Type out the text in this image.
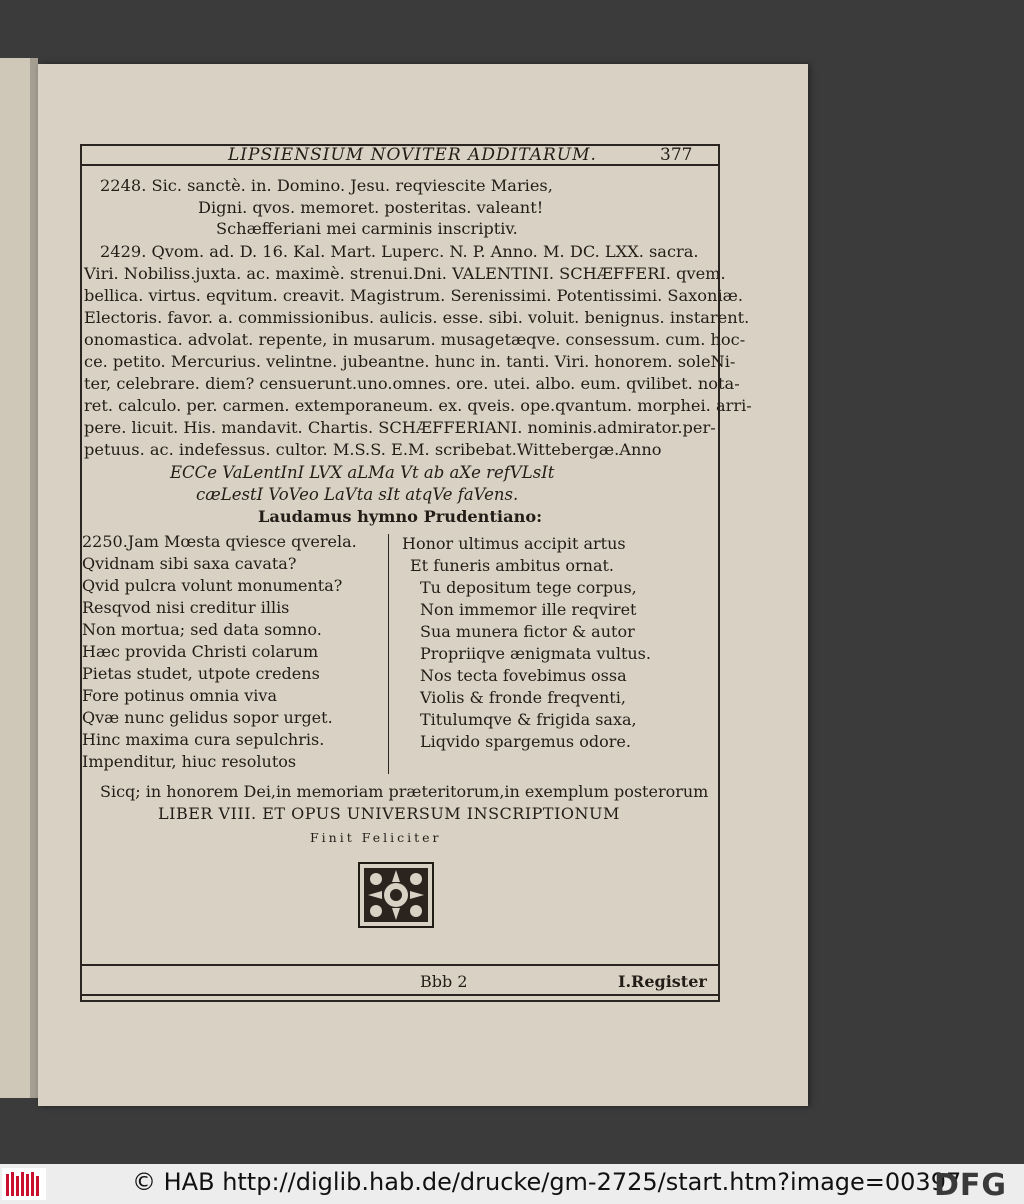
LIPSIENSIUM NOVITER ADDITARUM.	377
2248. Sic. sanctè. in. Domino. Jesu. reqviescite Maries,
Digni. qvos. memoret. posteritas. valeant!
Schæfferiani mei carminis inscriptiv.
2429. Qvom. ad. D. 16. Kal. Mart. Luperc. N. P. Anno. M. DC. LXX. sacra.
Viri. Nobiliss.juxta. ac. maximè. strenui.Dni. VALENTINI. SCHÆFFERI. qvem.
bellica. virtus. eqvitum. creavit. Magistrum. Serenissimi. Potentissimi. Saxoniæ.
Electoris. favor. a. commissionibus. aulicis. esse. sibi. voluit. benignus. instarent.
onomastica. advolat. repente, in musarum. musagetæqve. consessum. cum. hoc-
ce. petito. Mercurius. velintne. jubeantne. hunc in. tanti. Viri. honorem. soleNi-
ter, celebrare. diem? censuerunt.uno.omnes. ore. utei. albo. eum. qvilibet. nota-
ret. calculo. per. carmen. extemporaneum. ex. qveis. ope.qvantum. morphei. arri-
pere. licuit. His. mandavit. Chartis. SCHÆFFERIANI. nominis.admirator.per-
petuus. ac. indefessus. cultor. M.S.S. E.M. scribebat.Wittebergæ.Anno
ECCe VaLentInI LVX aLMa Vt ab aXe refVLsIt
cæLestI VoVeo LaVta sIt atqVe faVens.
Laudamus hymno Prudentiano:
2250.Jam Mœsta qviesce qverela.
Qvidnam sibi saxa cavata?
Qvid pulcra volunt monumenta?
Resqvod nisi creditur illis
Non mortua; sed data somno.
Hæc provida Christi colarum
Pietas studet, utpote credens
Fore potinus omnia viva
Qvæ nunc gelidus sopor urget.
Hinc maxima cura sepulchris.
Impenditur, hiuc resolutos
Honor ultimus accipit artus
Et funeris ambitus ornat.
Tu depositum tege corpus,
Non immemor ille reqviret
Sua munera fictor & autor
Propriiqve ænigmata vultus.
Nos tecta fovebimus ossa
Violis & fronde freqventi,
Titulumqve & frigida saxa,
Liqvido spargemus odore.
Sicq; in honorem Dei,in memoriam præteritorum,in exemplum posterorum
LIBER VIII. ET OPUS UNIVERSUM INSCRIPTIONUM
Finit Feliciter
Bbb 2	I.Register
© HAB http://diglib.hab.de/drucke/gm-2725/start.htm?image=00397
DFG
